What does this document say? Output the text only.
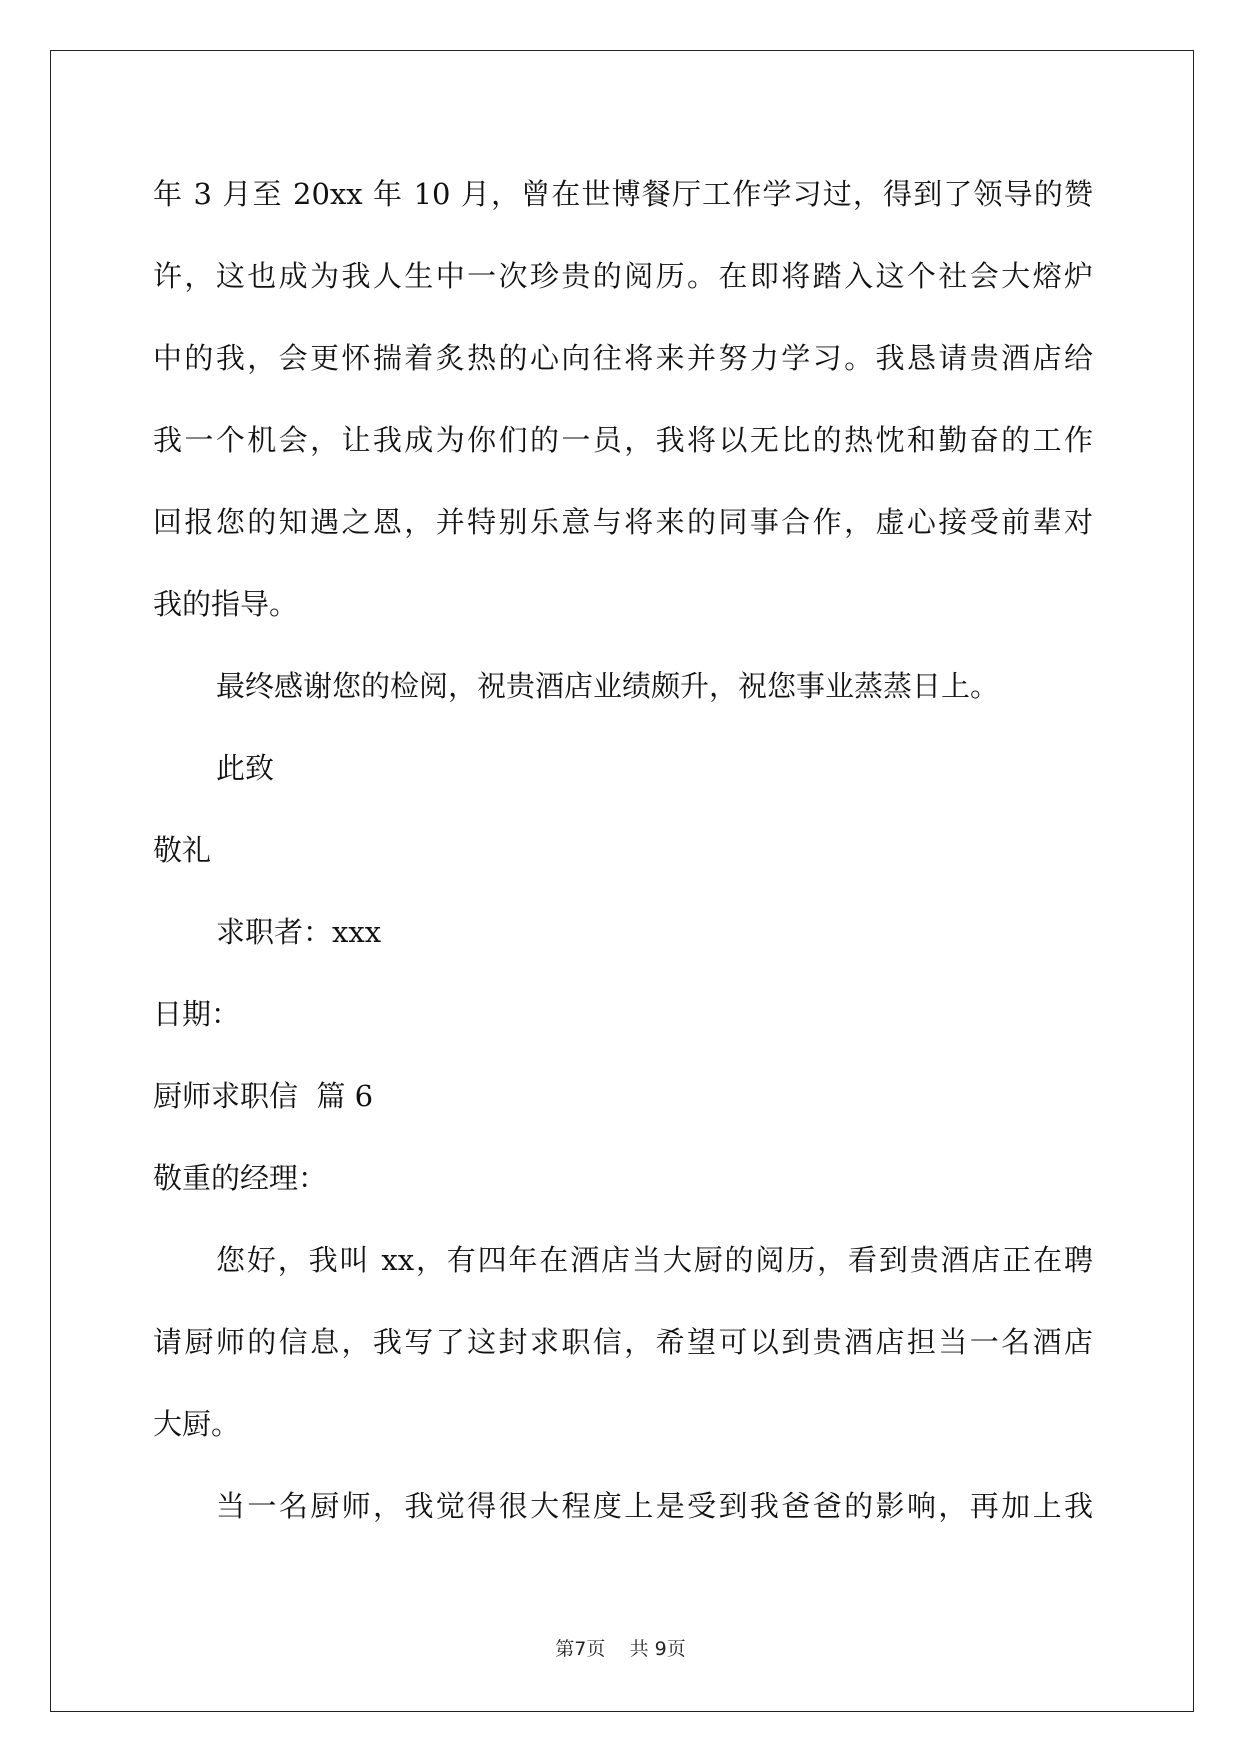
年 3 月至 20xx 年 10 月，曾在世博餐厅工作学习过，得到了领导的赞
许，这也成为我人生中一次珍贵的阅历。在即将踏入这个社会大熔炉
中的我，会更怀揣着炙热的心向往将来并努力学习。我恳请贵酒店给
我一个机会，让我成为你们的一员，我将以无比的热忱和勤奋的工作
回报您的知遇之恩，并特别乐意与将来的同事合作，虚心接受前辈对
我的指导。
最终感谢您的检阅，祝贵酒店业绩颇升，祝您事业蒸蒸日上。
此致
敬礼
求职者：xxx
日期：
厨师求职信  篇 6
敬重的经理：
您好，我叫 xx，有四年在酒店当大厨的阅历，看到贵酒店正在聘
请厨师的信息，我写了这封求职信，希望可以到贵酒店担当一名酒店
大厨。
当一名厨师，我觉得很大程度上是受到我爸爸的影响，再加上我
第7页 共 9页
